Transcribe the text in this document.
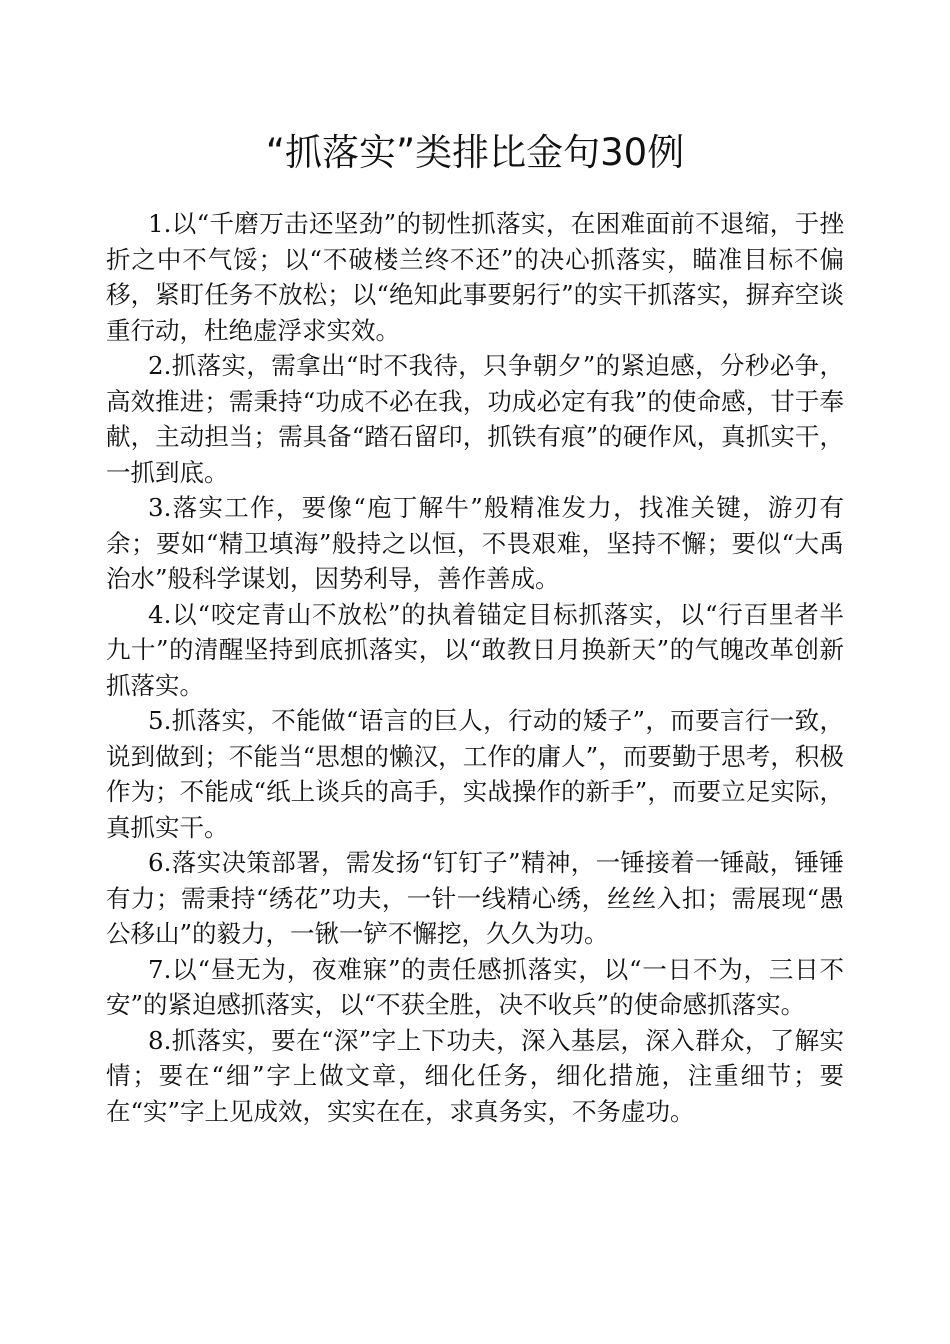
“抓落实”类排比金句30例

1.以“千磨万击还坚劲”的韧性抓落实，在困难面前不退缩，于挫折之中不气馁；以“不破楼兰终不还”的决心抓落实，瞄准目标不偏移，紧盯任务不放松；以“绝知此事要躬行”的实干抓落实，摒弃空谈重行动，杜绝虚浮求实效。

2.抓落实，需拿出“时不我待，只争朝夕”的紧迫感，分秒必争，高效推进；需秉持“功成不必在我，功成必定有我”的使命感，甘于奉献，主动担当；需具备“踏石留印，抓铁有痕”的硬作风，真抓实干，一抓到底。

3.落实工作，要像“庖丁解牛”般精准发力，找准关键，游刃有余；要如“精卫填海”般持之以恒，不畏艰难，坚持不懈；要似“大禹治水”般科学谋划，因势利导，善作善成。

4.以“咬定青山不放松”的执着锚定目标抓落实，以“行百里者半九十”的清醒坚持到底抓落实，以“敢教日月换新天”的气魄改革创新抓落实。

5.抓落实，不能做“语言的巨人，行动的矮子”，而要言行一致，说到做到；不能当“思想的懒汉，工作的庸人”，而要勤于思考，积极作为；不能成“纸上谈兵的高手，实战操作的新手”，而要立足实际，真抓实干。

6.落实决策部署，需发扬“钉钉子”精神，一锤接着一锤敲，锤锤有力；需秉持“绣花”功夫，一针一线精心绣，丝丝入扣；需展现“愚公移山”的毅力，一锹一铲不懈挖，久久为功。

7.以“昼无为，夜难寐”的责任感抓落实，以“一日不为，三日不安”的紧迫感抓落实，以“不获全胜，决不收兵”的使命感抓落实。

8.抓落实，要在“深”字上下功夫，深入基层，深入群众，了解实情；要在“细”字上做文章，细化任务，细化措施，注重细节；要在“实”字上见成效，实实在在，求真务实，不务虚功。
